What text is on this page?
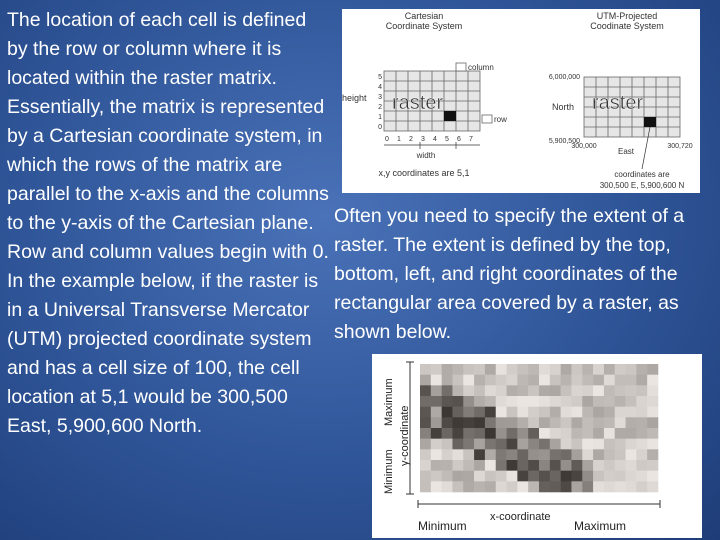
The location of each cell is defined by the row or column where it is located within the raster matrix. Essentially, the matrix is represented by a Cartesian coordinate system, in which the rows of the matrix are parallel to the x-axis and the columns to the y-axis of the Cartesian plane. Row and column values begin with 0. In the example below, if the raster is in a Universal Transverse Mercator (UTM) projected coordinate system and has a cell size of 100, the cell location at 5,1 would be 300,500 East, 5,900,600 North.

Cartesian
Coordinate System
UTM-Projected
Coodinate System
column
row
height raster
5
4
3
2
1
0
0 1 2 3 4 5 6 7
width
x,y coordinates are 5,1
raster
6,000,000
North
5,900,500
300,000	300,720
East
coordinates are
300,500 E, 5,900,600 N

Often you need to specify the extent of a raster. The extent is defined by the top, bottom, left, and right coordinates of the rectangular area covered by a raster, as shown below.

Minimum
y-coordinate
Maximum
Minimum
x-coordinate
Maximum
